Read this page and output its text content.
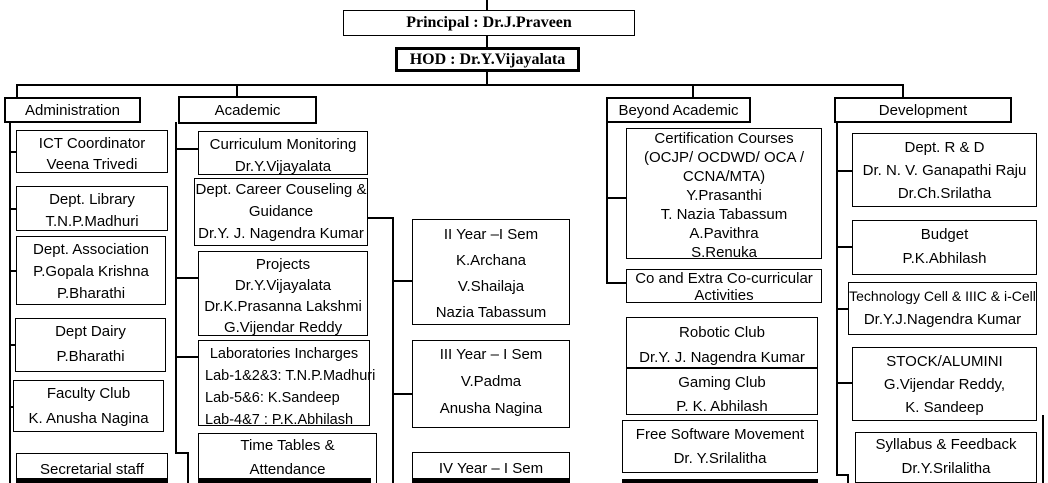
Principal : Dr.J.Praveen
HOD : Dr.Y.Vijayalata
Administration	Academic	Beyond Academic	Development
ICT Coordinator
Veena Trivedi
Dept. Library
T.N.P.Madhuri
Dept. Association
P.Gopala Krishna
P.Bharathi
Dept Dairy
P.Bharathi
Faculty Club
K. Anusha Nagina
Secretarial staff
Curriculum Monitoring
Dr.Y.Vijayalata
Dept. Career Couseling &
Guidance
Dr.Y. J. Nagendra Kumar
Projects
Dr.Y.Vijayalata
Dr.K.Prasanna Lakshmi
G.Vijendar Reddy
Laboratories Incharges
Lab-1&2&3: T.N.P.Madhuri
Lab-5&6: K.Sandeep
Lab-4&7 : P.K.Abhilash
Time Tables &
Attendance
II Year –I Sem
K.Archana
V.Shailaja
Nazia Tabassum
III Year – I Sem
V.Padma
Anusha Nagina
IV Year – I Sem
Certification Courses
(OCJP/ OCDWD/ OCA /
CCNA/MTA)
Y.Prasanthi
T. Nazia Tabassum
A.Pavithra
S.Renuka
Co and Extra Co-curricular
Activities
Robotic Club
Dr.Y. J. Nagendra Kumar
Gaming Club
P. K. Abhilash
Free Software Movement
Dr. Y.Srilalitha
Dept. R & D
Dr. N. V. Ganapathi Raju
Dr.Ch.Srilatha
Budget
P.K.Abhilash
Technology Cell & IIIC & i-Cell
Dr.Y.J.Nagendra Kumar
STOCK/ALUMINI
G.Vijendar Reddy,
K. Sandeep
Syllabus & Feedback
Dr.Y.Srilalitha
